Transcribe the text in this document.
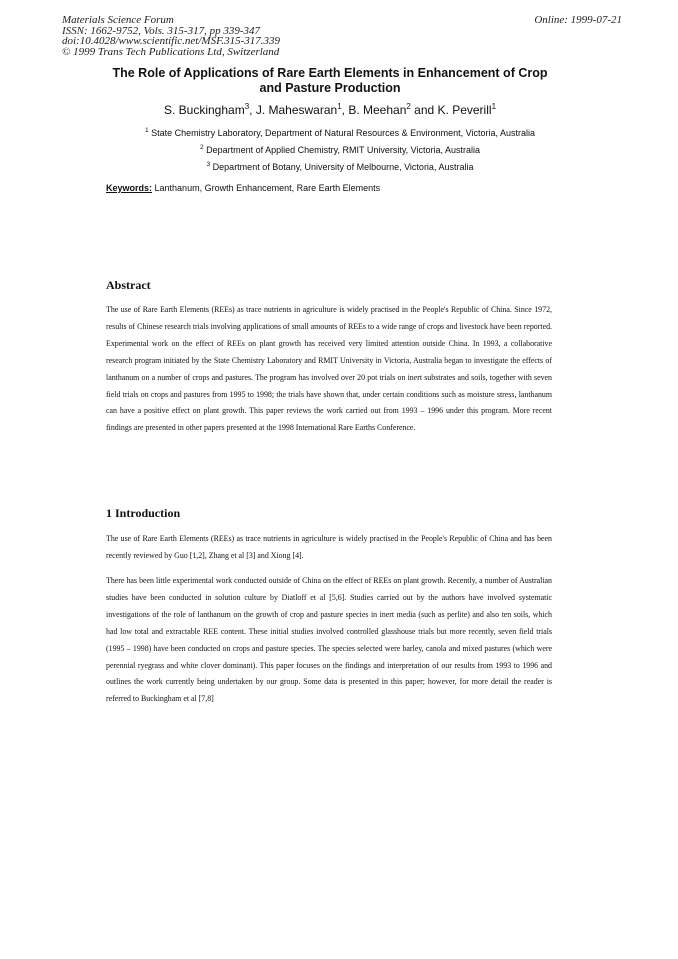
Materials Science Forum
ISSN: 1662-9752, Vols. 315-317, pp 339-347
doi:10.4028/www.scientific.net/MSF.315-317.339
© 1999 Trans Tech Publications Ltd, Switzerland
Online: 1999-07-21
The Role of Applications of Rare Earth Elements in Enhancement of Crop and Pasture Production
S. Buckingham$^3$, J. Maheswaran$^1$, B. Meehan$^2$ and K. Peverill$^1$
$^1$ State Chemistry Laboratory, Department of Natural Resources & Environment, Victoria, Australia
$^2$ Department of Applied Chemistry, RMIT University, Victoria, Australia
$^3$ Department of Botany, University of Melbourne, Victoria, Australia
Keywords: Lanthanum, Growth Enhancement, Rare Earth Elements
Abstract
The use of Rare Earth Elements (REEs) as trace nutrients in agriculture is widely practised in the People's Republic of China. Since 1972, results of Chinese research trials involving applications of small amounts of REEs to a wide range of crops and livestock have been reported. Experimental work on the effect of REEs on plant growth has received very limited attention outside China. In 1993, a collaborative research program initiated by the State Chemistry Laboratory and RMIT University in Victoria, Australia began to investigate the effects of lanthanum on a number of crops and pastures. The program has involved over 20 pot trials on inert substrates and soils, together with seven field trials on crops and pastures from 1995 to 1998; the trials have shown that, under certain conditions such as moisture stress, lanthanum can have a positive effect on plant growth. This paper reviews the work carried out from 1993 – 1996 under this program. More recent findings are presented in other papers presented at the 1998 International Rare Earths Conference.
1 Introduction
The use of Rare Earth Elements (REEs) as trace nutrients in agriculture is widely practised in the People's Republic of China and has been recently reviewed by Guo [1,2], Zhang et al [3] and Xiong [4].
There has been little experimental work conducted outside of China on the effect of REEs on plant growth. Recently, a number of Australian studies have been conducted in solution culture by Diatloff et al [5,6]. Studies carried out by the authors have involved systematic investigations of the role of lanthanum on the growth of crop and pasture species in inert media (such as perlite) and also ten soils, which had low total and extractable REE content. These initial studies involved controlled glasshouse trials but more recently, seven field trials (1995 – 1998) have been conducted on crops and pasture species. The species selected were barley, canola and mixed pastures (which were perennial ryegrass and white clover dominant). This paper focuses on the findings and interpretation of our results from 1993 to 1996 and outlines the work currently being undertaken by our group. Some data is presented in this paper; however, for more detail the reader is referred to Buckingham et al [7,8]
